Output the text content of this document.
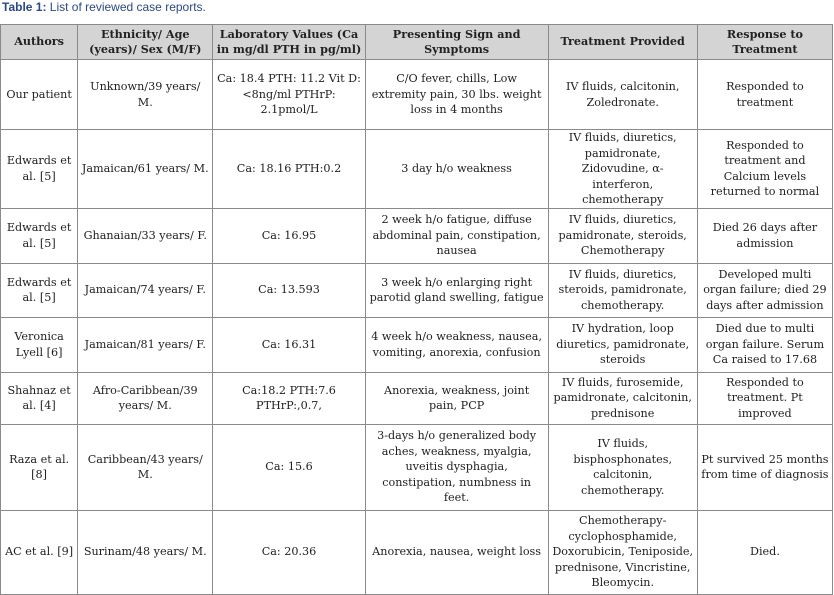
Table 1: List of reviewed case reports.
Authors	Ethnicity/ Age (years)/ Sex (M/F)	Laboratory Values (Ca in mg/dl PTH in pg/ml)	Presenting Sign and Symptoms	Treatment Provided	Response to Treatment
Our patient	Unknown/39 years/ M.	Ca: 18.4 PTH: 11.2 Vit D: <8ng/ml PTHrP: 2.1pmol/L	C/O fever, chills, Low extremity pain, 30 lbs. weight loss in 4 months	IV fluids, calcitonin, Zoledronate.	Responded to treatment
Edwards et al. [5]	Jamaican/61 years/ M.	Ca: 18.16 PTH:0.2	3 day h/o weakness	IV fluids, diuretics, pamidronate, Zidovudine, α-interferon, chemotherapy	Responded to treatment and Calcium levels returned to normal
Edwards et al. [5]	Ghanaian/33 years/ F.	Ca: 16.95	2 week h/o fatigue, diffuse abdominal pain, constipation, nausea	IV fluids, diuretics, pamidronate, steroids, Chemotherapy	Died 26 days after admission
Edwards et al. [5]	Jamaican/74 years/ F.	Ca: 13.593	3 week h/o enlarging right parotid gland swelling, fatigue	IV fluids, diuretics, steroids, pamidronate, chemotherapy.	Developed multi organ failure; died 29 days after admission
Veronica Lyell [6]	Jamaican/81 years/ F.	Ca: 16.31	4 week h/o weakness, nausea, vomiting, anorexia, confusion	IV hydration, loop diuretics, pamidronate, steroids	Died due to multi organ failure. Serum Ca raised to 17.68
Shahnaz et al. [4]	Afro-Caribbean/39 years/ M.	Ca:18.2 PTH:7.6 PTHrP:,0.7,	Anorexia, weakness, joint pain, PCP	IV fluids, furosemide, pamidronate, calcitonin, prednisone	Responded to treatment. Pt improved
Raza et al. [8]	Caribbean/43 years/ M.	Ca: 15.6	3-days h/o generalized body aches, weakness, myalgia, uveitis dysphagia, constipation, numbness in feet.	IV fluids, bisphosphonates, calcitonin, chemotherapy.	Pt survived 25 months from time of diagnosis
AC et al. [9]	Surinam/48 years/ M.	Ca: 20.36	Anorexia, nausea, weight loss	Chemotherapy- cyclophosphamide, Doxorubicin, Teniposide, prednisone, Vincristine, Bleomycin.	Died.
